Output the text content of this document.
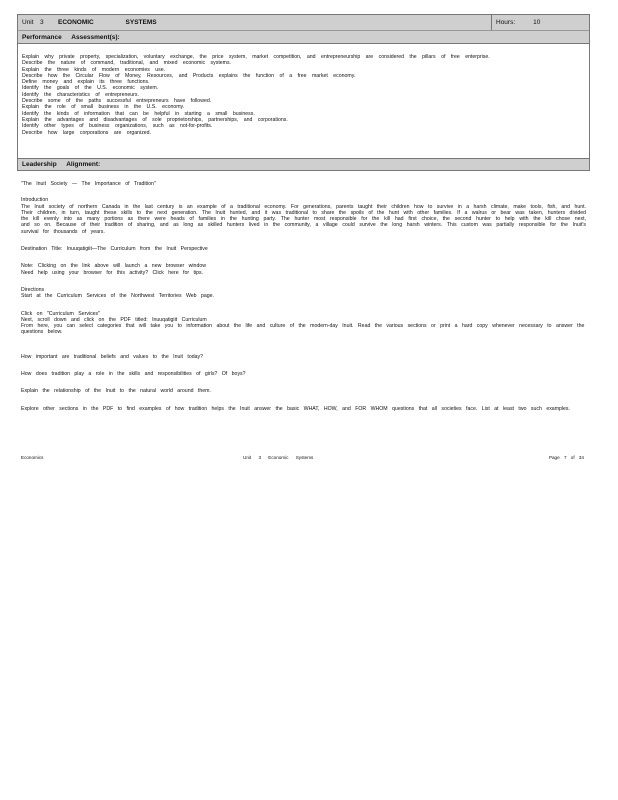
Unit 3	ECONOMIC SYSTEMS	Hours:	10
Performance Assessment(s):
Explain why private property, specialization, voluntary exchange, the price system, market competition, and entrepreneurship are considered the pillars of free enterprise.
Describe the nature of command, traditional, and mixed economic systems.
Explain the three kinds of modern economies use.
Describe how the Circular Flow of Money, Resources, and Products explains the function of a free market economy.
Define money and explain its three functions.
Identify the goals of the U.S. economic system.
Identify the characteristics of entrepreneurs.
Describe some of the paths successful entrepreneurs have followed.
Explain the role of small business in the U.S. economy.
Identify the kinds of information that can be helpful in starting a small business.
Explain the advantages and disadvantages of sole proprietorships, partnerships, and corporations.
Identify other types of business organizations, such as not-for-profits.
Describe how large corporations are organized.
Leadership Alignment:
"The Inuit Society — The Importance of Tradition"
Introduction
The Inuit society of northern Canada in the last century is an example of a traditional economy. For generations, parents taught their children how to survive in a harsh climate, make tools, fish, and hunt. Their children, in turn, taught these skills to the next generation. The Inuit hunted, and it was traditional to share the spoils of the hunt with other families. If a walrus or bear was taken, hunters divided the kill evenly into as many portions as there were heads of families in the hunting party. The hunter most responsible for the kill had first choice, the second hunter to help with the kill chose next, and so on. Because of their tradition of sharing, and as long as skilled hunters lived in the community, a village could survive the long harsh winters. This custom was partially responsible for the Inuit's survival for thousands of years.
Destination Title: Inuuqatigiit—The Curriculum from the Inuit Perspective
Note: Clicking on the link above will launch a new browser window
Need help using your browser for this activity? Click here for tips.
Directions
Start at the Curriculum Services of the Northwest Territories Web page.
Click on "Curriculum Services"
Next, scroll down and click on the PDF titled: Inuuqatigiit Curriculum
From here, you can select categories that will take you to information about the life and culture of the modern-day Inuit. Read the various sections or print a hard copy whenever necessary to answer the questions below.
How important are traditional beliefs and values to the Inuit today?
How does tradition play a role in the skills and responsibilities of girls? Of boys?
Explain the relationship of the Inuit to the natural world around them.
Explore other sections in the PDF to find examples of how tradition helps the Inuit answer the basic WHAT, HOW, and FOR WHOM questions that all societies face. List at least two such examples.
Economics	Unit 3 Economic Systems	Page 7 of 34
